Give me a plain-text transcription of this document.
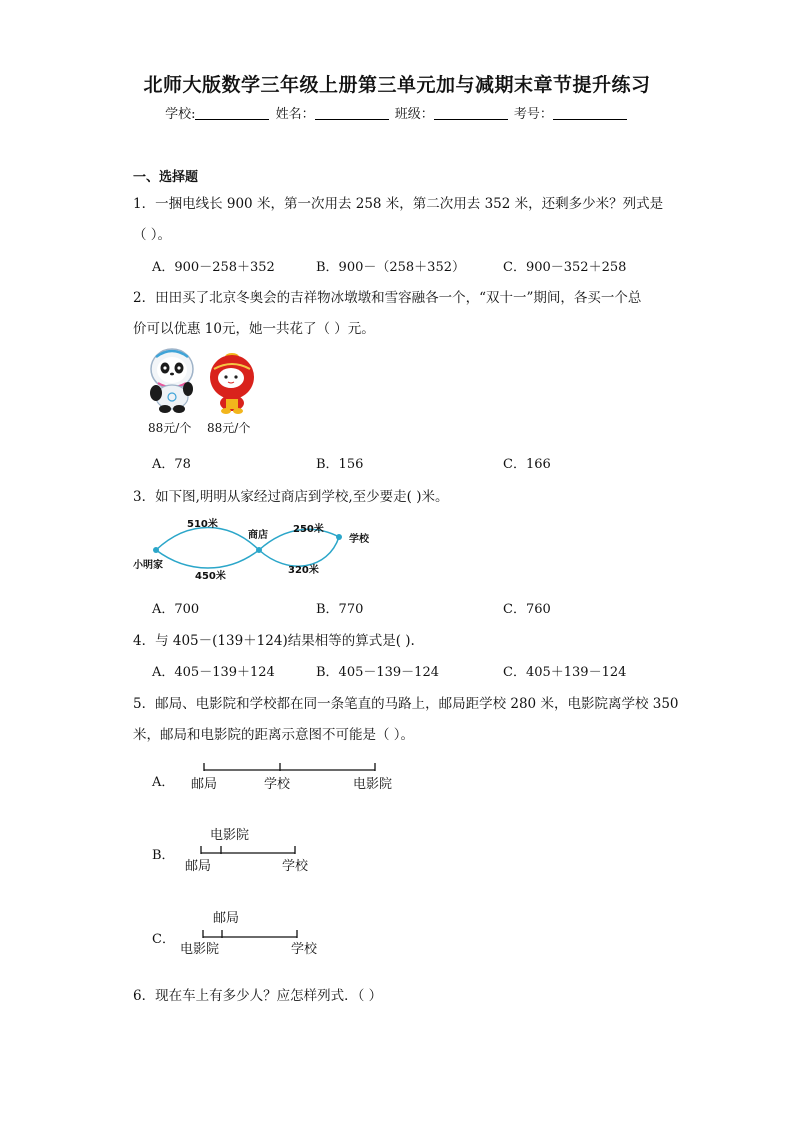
北师大版数学三年级上册第三单元加与减期末章节提升练习
学校:	姓名：	班级：	考号：
一、选择题
1．一捆电线长 900 米，第一次用去 258 米，第二次用去 352 米，还剩多少米？列式是
（ ）。
A．900－258＋352	B．900－（258＋352）	C．900－352＋258
2．田田买了北京冬奥会的吉祥物冰墩墩和雪容融各一个，“双十一”期间，各买一个总
价可以优惠 10元，她一共花了（ ）元。
88元/个 88元/个
A．78	B．156	C．166
3．如下图,明明从家经过商店到学校,至少要走( )米。
小明家
商店	学校
510米
450米
250米
320米
A．700	B．770	C．760
4．与 405－(139＋124)结果相等的算式是( ).
A．405－139＋124	B．405－139－124	C．405＋139－124
5．邮局、电影院和学校都在同一条笔直的马路上，邮局距学校 280 米，电影院离学校 350
米，邮局和电影院的距离示意图不可能是（ ）。
A． 邮局	学校	电影院
B．
电影院
邮局	学校
C．
邮局
电影院	学校
6．现在车上有多少人？应怎样列式．（ ）
